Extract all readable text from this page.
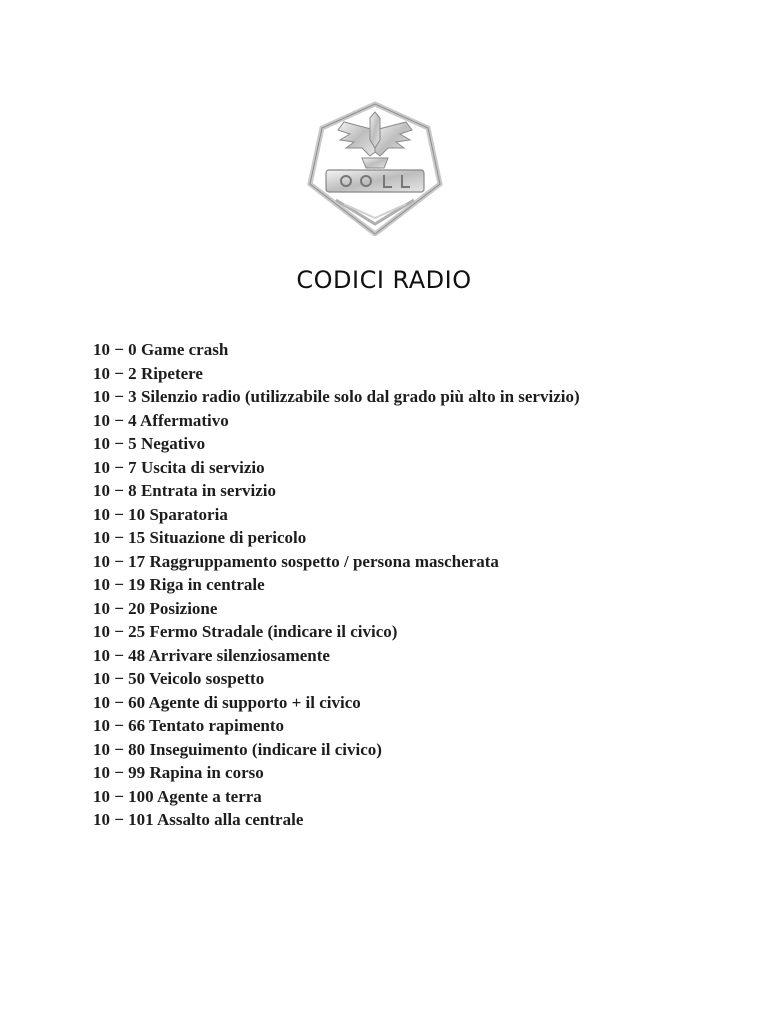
CODICI RADIO
10 − 0 Game crash
10 − 2 Ripetere
10 − 3 Silenzio radio (utilizzabile solo dal grado più alto in servizio)
10 − 4 Affermativo
10 − 5 Negativo
10 − 7 Uscita di servizio
10 − 8 Entrata in servizio
10 − 10 Sparatoria
10 − 15 Situazione di pericolo
10 − 17 Raggruppamento sospetto / persona mascherata
10 − 19 Riga in centrale
10 − 20 Posizione
10 − 25 Fermo Stradale (indicare il civico)
10 − 48 Arrivare silenziosamente
10 − 50 Veicolo sospetto
10 − 60 Agente di supporto + il civico
10 − 66 Tentato rapimento
10 − 80 Inseguimento (indicare il civico)
10 − 99 Rapina in corso
10 − 100 Agente a terra
10 − 101 Assalto alla centrale
